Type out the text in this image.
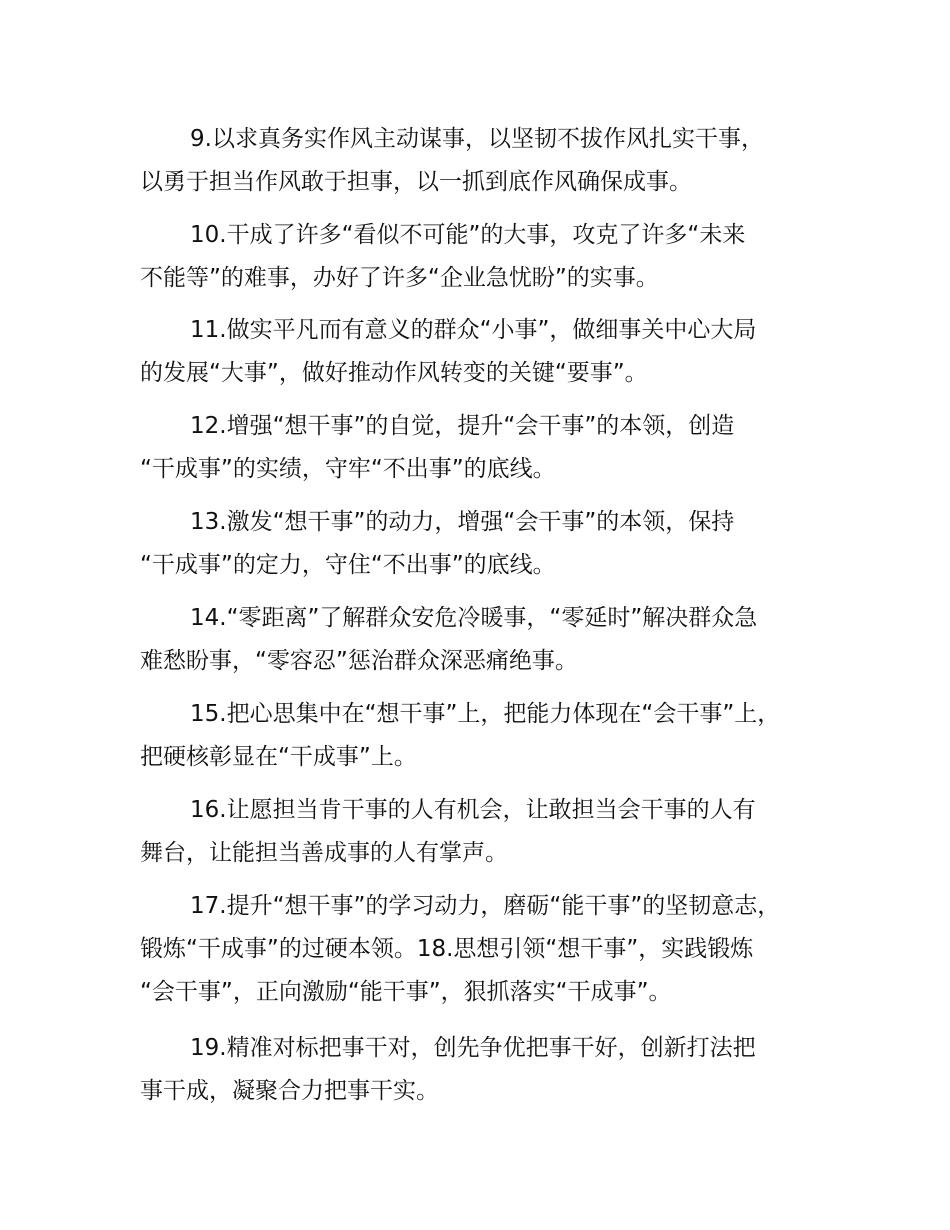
9.以求真务实作风主动谋事，以坚韧不拔作风扎实干事，
以勇于担当作风敢于担事，以一抓到底作风确保成事。
10.干成了许多“看似不可能”的大事，攻克了许多“未来
不能等”的难事，办好了许多“企业急忧盼”的实事。
11.做实平凡而有意义的群众“小事”，做细事关中心大局
的发展“大事”，做好推动作风转变的关键“要事”。
12.增强“想干事”的自觉，提升“会干事”的本领，创造
“干成事”的实绩，守牢“不出事”的底线。
13.激发“想干事”的动力，增强“会干事”的本领，保持
“干成事”的定力，守住“不出事”的底线。
14.“零距离”了解群众安危冷暖事，“零延时”解决群众急
难愁盼事，“零容忍”惩治群众深恶痛绝事。
15.把心思集中在“想干事”上，把能力体现在“会干事”上，
把硬核彰显在“干成事”上。
16.让愿担当肯干事的人有机会，让敢担当会干事的人有
舞台，让能担当善成事的人有掌声。
17.提升“想干事”的学习动力，磨砺“能干事”的坚韧意志，
锻炼“干成事”的过硬本领。18.思想引领“想干事”，实践锻炼
“会干事”，正向激励“能干事”，狠抓落实“干成事”。
19.精准对标把事干对，创先争优把事干好，创新打法把
事干成，凝聚合力把事干实。
